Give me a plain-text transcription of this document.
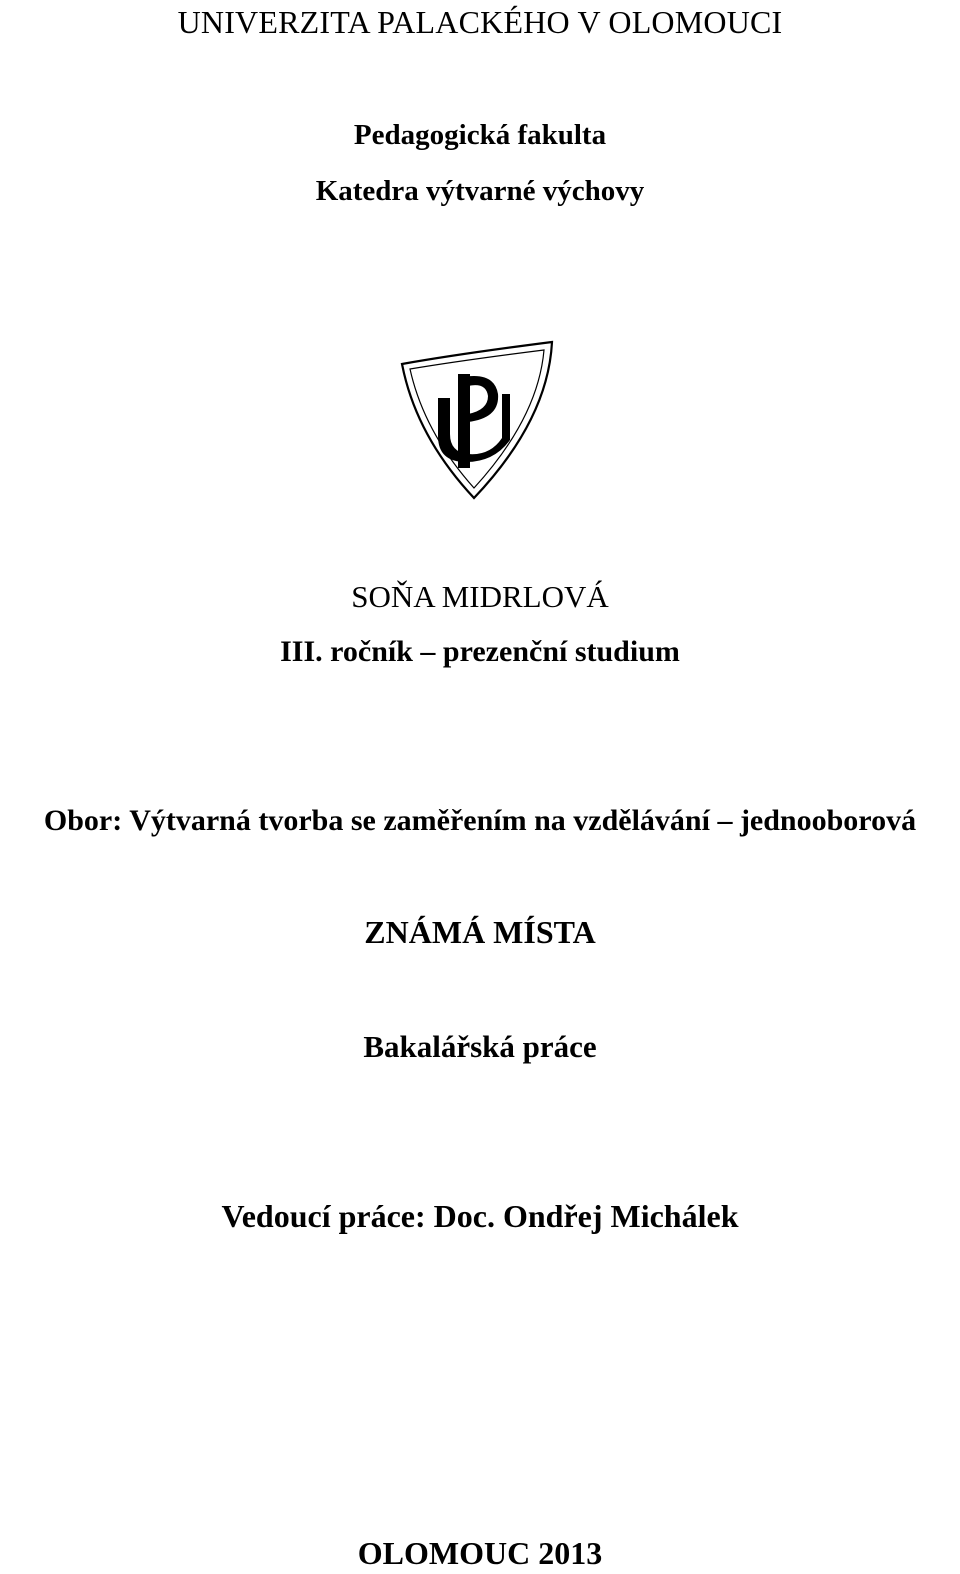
UNIVERZITA PALACKÉHO V OLOMOUCI
Pedagogická fakulta
Katedra výtvarné výchovy
SOŇA MIDRLOVÁ
III. ročník – prezenční studium
Obor: Výtvarná tvorba se zaměřením na vzdělávání – jednooborová
ZNÁMÁ MÍSTA
Bakalářská práce
Vedoucí práce: Doc. Ondřej Michálek
OLOMOUC 2013
